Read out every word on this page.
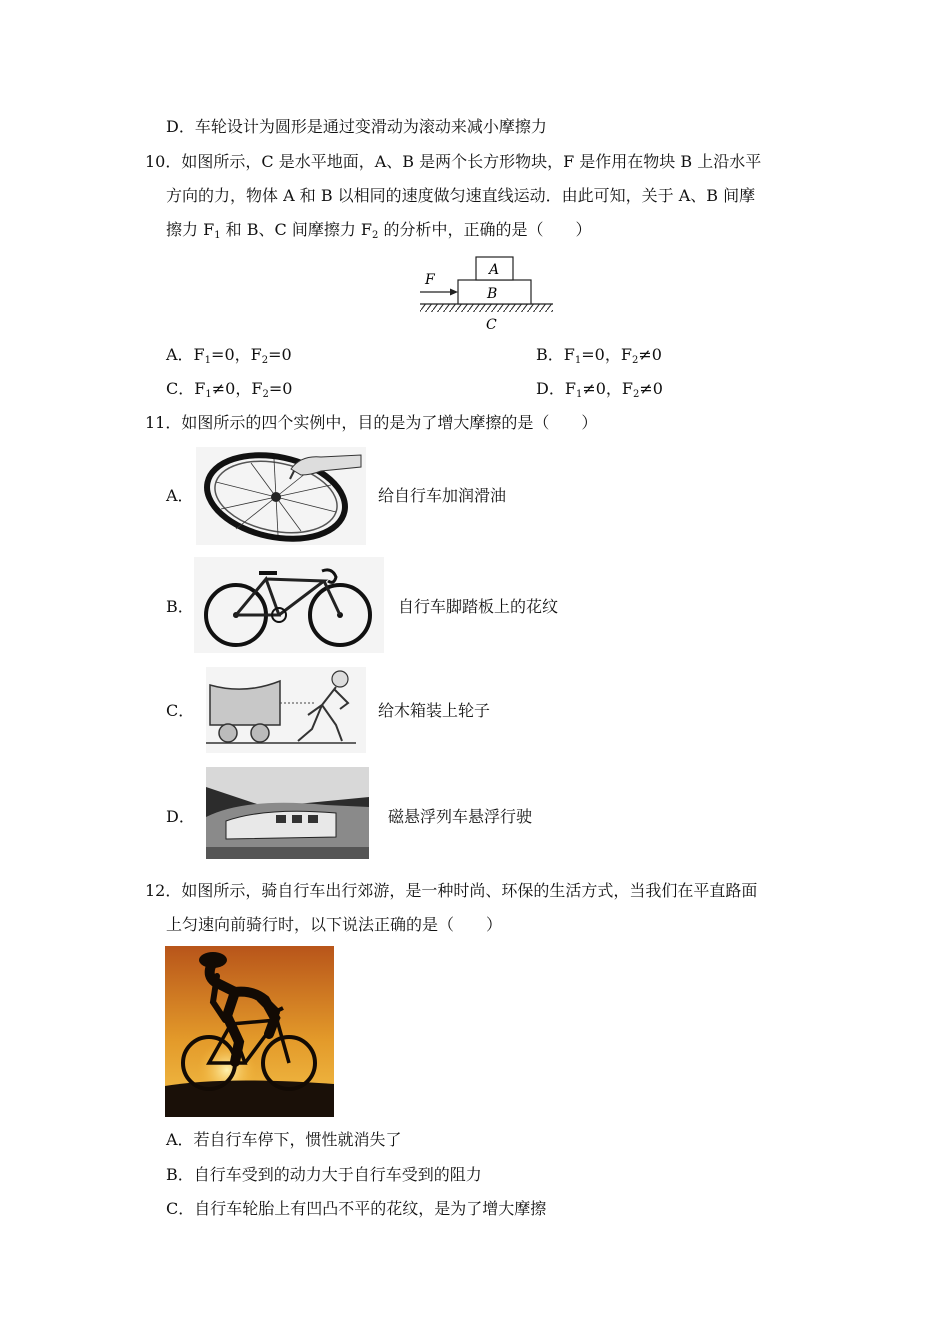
D．车轮设计为圆形是通过变滑动为滚动来减小摩擦力
10．如图所示，C 是水平地面，A、B 是两个长方形物块，F 是作用在物块 B 上沿水平
方向的力，物体 A 和 B 以相同的速度做匀速直线运动．由此可知，关于 A、B 间摩
擦力 $F_1$ 和 B、C 间摩擦力 $F_2$ 的分析中，正确的是（　　）
F
A
B
C
A．$F_1=0$，$F_2=0$	B．$F_1=0$，$F_2\ne 0$
C．$F_1\ne 0$，$F_2=0$	D．$F_1\ne 0$，$F_2\ne 0$
11．如图所示的四个实例中，目的是为了增大摩擦的是（　　）
A．	给自行车加润滑油
B．	自行车脚踏板上的花纹
C．	给木箱装上轮子
D．	磁悬浮列车悬浮行驶
12．如图所示，骑自行车出行郊游，是一种时尚、环保的生活方式，当我们在平直路面
上匀速向前骑行时，以下说法正确的是（　　）
A．若自行车停下，惯性就消失了
B．自行车受到的动力大于自行车受到的阻力
C．自行车轮胎上有凹凸不平的花纹，是为了增大摩擦
